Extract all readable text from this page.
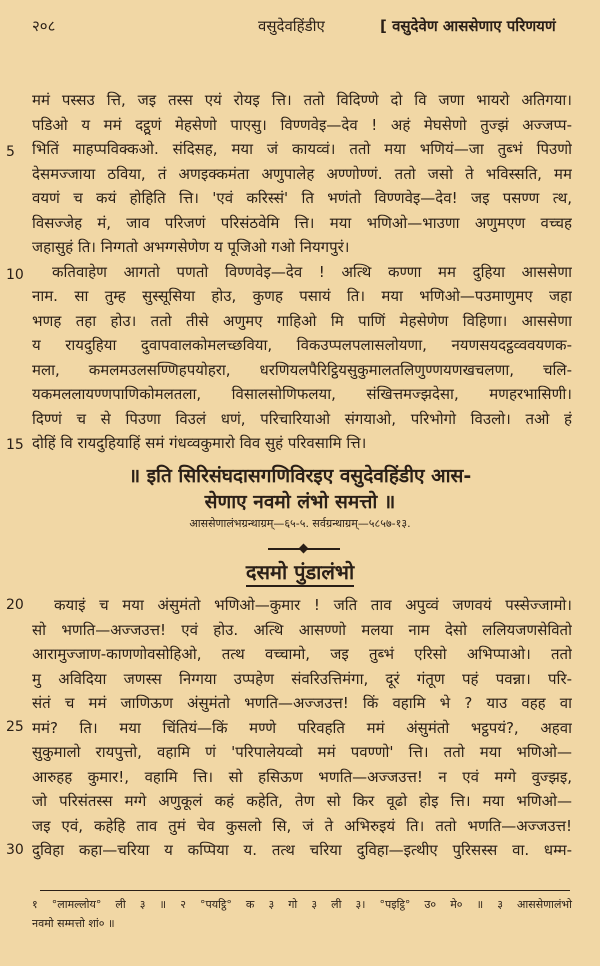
२०८	वसुदेवहिंडीए	[ वसुदेवेण आससेणाए परिणयणं
ममं पस्सउ त्ति, जइ तस्स एयं रोयइ त्ति। ततो विदिण्णे दो वि जणा भायरो अतिगया।
पडिओ य ममं दट्ठूणं मेहसेणो पाएसु। विण्णवेइ—देव ! अहं मेघसेणो तुज्झं अज्जप्प-
भितिं माहप्पविक्कओ. संदिसह, मया जं कायव्वं। ततो मया भणियं—जा तुब्भं पिउणो
देसमज्जाया ठविया, तं अणइक्कमंता अणुपालेह अण्णोण्णं. ततो जसो ते भविस्सति, मम
वयणं च कयं होहिति त्ति। 'एवं करिस्सं' ति भणंतो विण्णवेइ—देव! जइ पसण्ण त्थ,
विसज्जेह मं, जाव परिजणं परिसंठवेमि त्ति। मया भणिओ—भाउणा अणुमएण वच्चह
जहासुहं ति। निग्गतो अभग्गसेणेण य पूजिओ गओ नियगपुरं।
कतिवाहेण आगतो पणतो विण्णवेइ—देव ! अत्थि कण्णा मम दुहिया आससेणा
नाम. सा तुम्ह सुस्सूसिया होउ, कुणह पसायं ति। मया भणिओ—पउमाणुमए जहा
भणह तहा होउ। ततो तीसे अणुमए गाहिओ मि पाणिं मेहसेणेण विहिणा। आससेणा
य रायदुहिया दुवापवालकोमलच्छविया, विकउप्पलपलासलोयणा, नयणसयदट्ठव्ववयणक-
मला, कमलमउलसण्णिहपयोहरा, धरणियलपैरिट्ठियसुकुमालतलिणुण्णयणखचलणा, चलि-
यकमललायण्णपाणिकोमलतला, विसालसोणिफलया, संखित्तमज्झदेसा, मणहरभासिणी।
दिण्णं च से पिउणा विउलं धणं, परिचारियाओ संगयाओ, परिभोगो विउलो। तओ हं
दोहिं वि रायदुहियाहिं समं गंधव्वकुमारो विव सुहं परिवसामि त्ति।
॥ इति सिरिसंघदासगणिविरइए वसुदेवहिंडीए आस-
सेणाए नवमो लंभो समत्तो ॥
आससेणालंभग्रन्थाग्रम्—६५-५. सर्वग्रन्थाग्रम्—५८५७-१३.
दसमो पुंडालंभो
कयाइं च मया अंसुमंतो भणिओ—कुमार ! जति ताव अपुव्वं जणवयं पस्सेज्जामो।
सो भणति—अज्जउत्त! एवं होउ. अत्थि आसण्णो मलया नाम देसो ललियजणसेवितो
आरामुज्जाण-काणणोवसोहिओ, तत्थ वच्चामो, जइ तुब्भं एरिसो अभिप्पाओ। ततो
मु अविदिया जणस्स निग्गया उप्पहेण संवरिउत्तिमंगा, दूरं गंतूण पहं पवन्ना। परि-
संतं च ममं जाणिऊण अंसुमंतो भणति—अज्जउत्त! किं वहामि भे ? याउ वहह वा
ममं? ति। मया चिंतियं—किं मण्णे परिवहति ममं अंसुमंतो भट्ठपयं?, अहवा
सुकुमालो रायपुत्तो, वहामि णं 'परिपालेयव्वो ममं पवण्णो' त्ति। ततो मया भणिओ—
आरुहह कुमार!, वहामि त्ति। सो हसिऊण भणति—अज्जउत्त! न एवं मग्गे वुज्झइ,
जो परिसंतस्स मग्गे अणुकूलं कहं कहेति, तेण सो किर वूढो होइ त्ति। मया भणिओ—
जइ एवं, कहेहि ताव तुमं चेव कुसलो सि, जं ते अभिरुइयं ति। ततो भणति—अज्जउत्त!
दुविहा कहा—चरिया य कप्पिया य. तत्थ चरिया दुविहा—इत्थीए पुरिसस्स वा. धम्म-
5
10
15
20
25
30
१ °लामल्लोय° ली ३ ॥ २ °पयट्ठि° क ३ गो ३ ली ३। °पइट्ठि° उ० मे० ॥ ३ आससेणालंभो
नवमो सम्मत्तो शां० ॥
